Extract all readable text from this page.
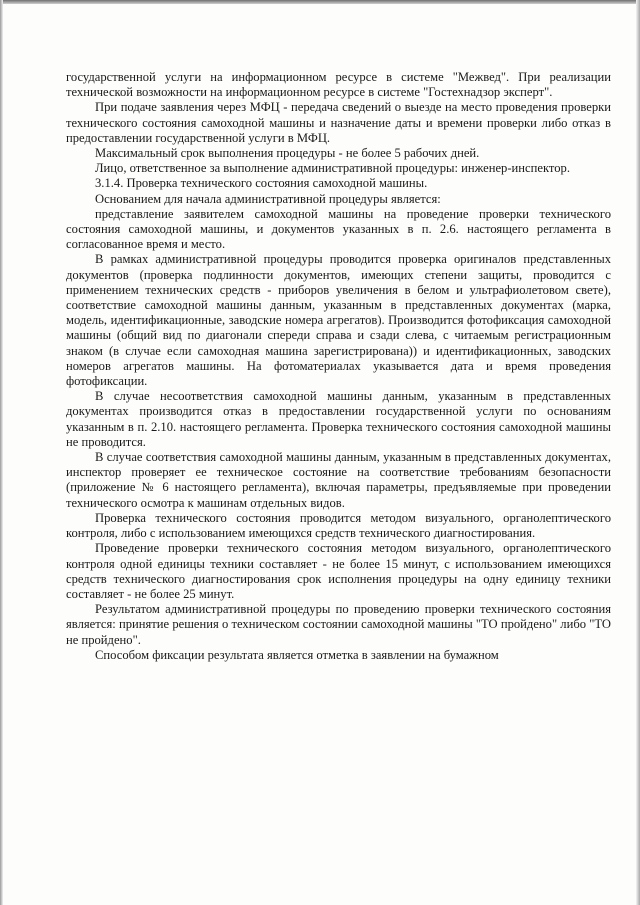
государственной услуги на информационном ресурсе в системе "Межвед". При реализации технической возможности на информационном ресурсе в системе "Гостехнадзор эксперт".

При подаче заявления через МФЦ - передача сведений о выезде на место проведения проверки технического состояния самоходной машины и назначение даты и времени проверки либо отказ в предоставлении государственной услуги в МФЦ.

Максимальный срок выполнения процедуры - не более 5 рабочих дней.

Лицо, ответственное за выполнение административной процедуры: инженер-инспектор.

3.1.4. Проверка технического состояния самоходной машины.

Основанием для начала административной процедуры является:

представление заявителем самоходной машины на проведение проверки технического состояния самоходной машины, и документов указанных в п. 2.6. настоящего регламента в согласованное время и место.

В рамках административной процедуры проводится проверка оригиналов представленных документов (проверка подлинности документов, имеющих степени защиты, проводится с применением технических средств - приборов увеличения в белом и ультрафиолетовом свете), соответствие самоходной машины данным, указанным в представленных документах (марка, модель, идентификационные, заводские номера агрегатов). Производится фотофиксация самоходной машины (общий вид по диагонали спереди справа и сзади слева, с читаемым регистрационным знаком (в случае если самоходная машина зарегистрирована)) и идентификационных, заводских номеров агрегатов машины. На фотоматериалах указывается дата и время проведения фотофиксации.

В случае несоответствия самоходной машины данным, указанным в представленных документах производится отказ в предоставлении государственной услуги по основаниям указанным в п. 2.10. настоящего регламента. Проверка технического состояния самоходной машины не проводится.

В случае соответствия самоходной машины данным, указанным в представленных документах, инспектор проверяет ее техническое состояние на соответствие требованиям безопасности (приложение № 6 настоящего регламента), включая параметры, предъявляемые при проведении технического осмотра к машинам отдельных видов.

Проверка технического состояния проводится методом визуального, органолептического контроля, либо с использованием имеющихся средств технического диагностирования.

Проведение проверки технического состояния методом визуального, органолептического контроля одной единицы техники составляет - не более 15 минут, с использованием имеющихся средств технического диагностирования срок исполнения процедуры на одну единицу техники составляет - не более 25 минут.

Результатом административной процедуры по проведению проверки технического состояния является: принятие решения о техническом состоянии самоходной машины "ТО пройдено" либо "ТО не пройдено".

Способом фиксации результата является отметка в заявлении на бумажном
